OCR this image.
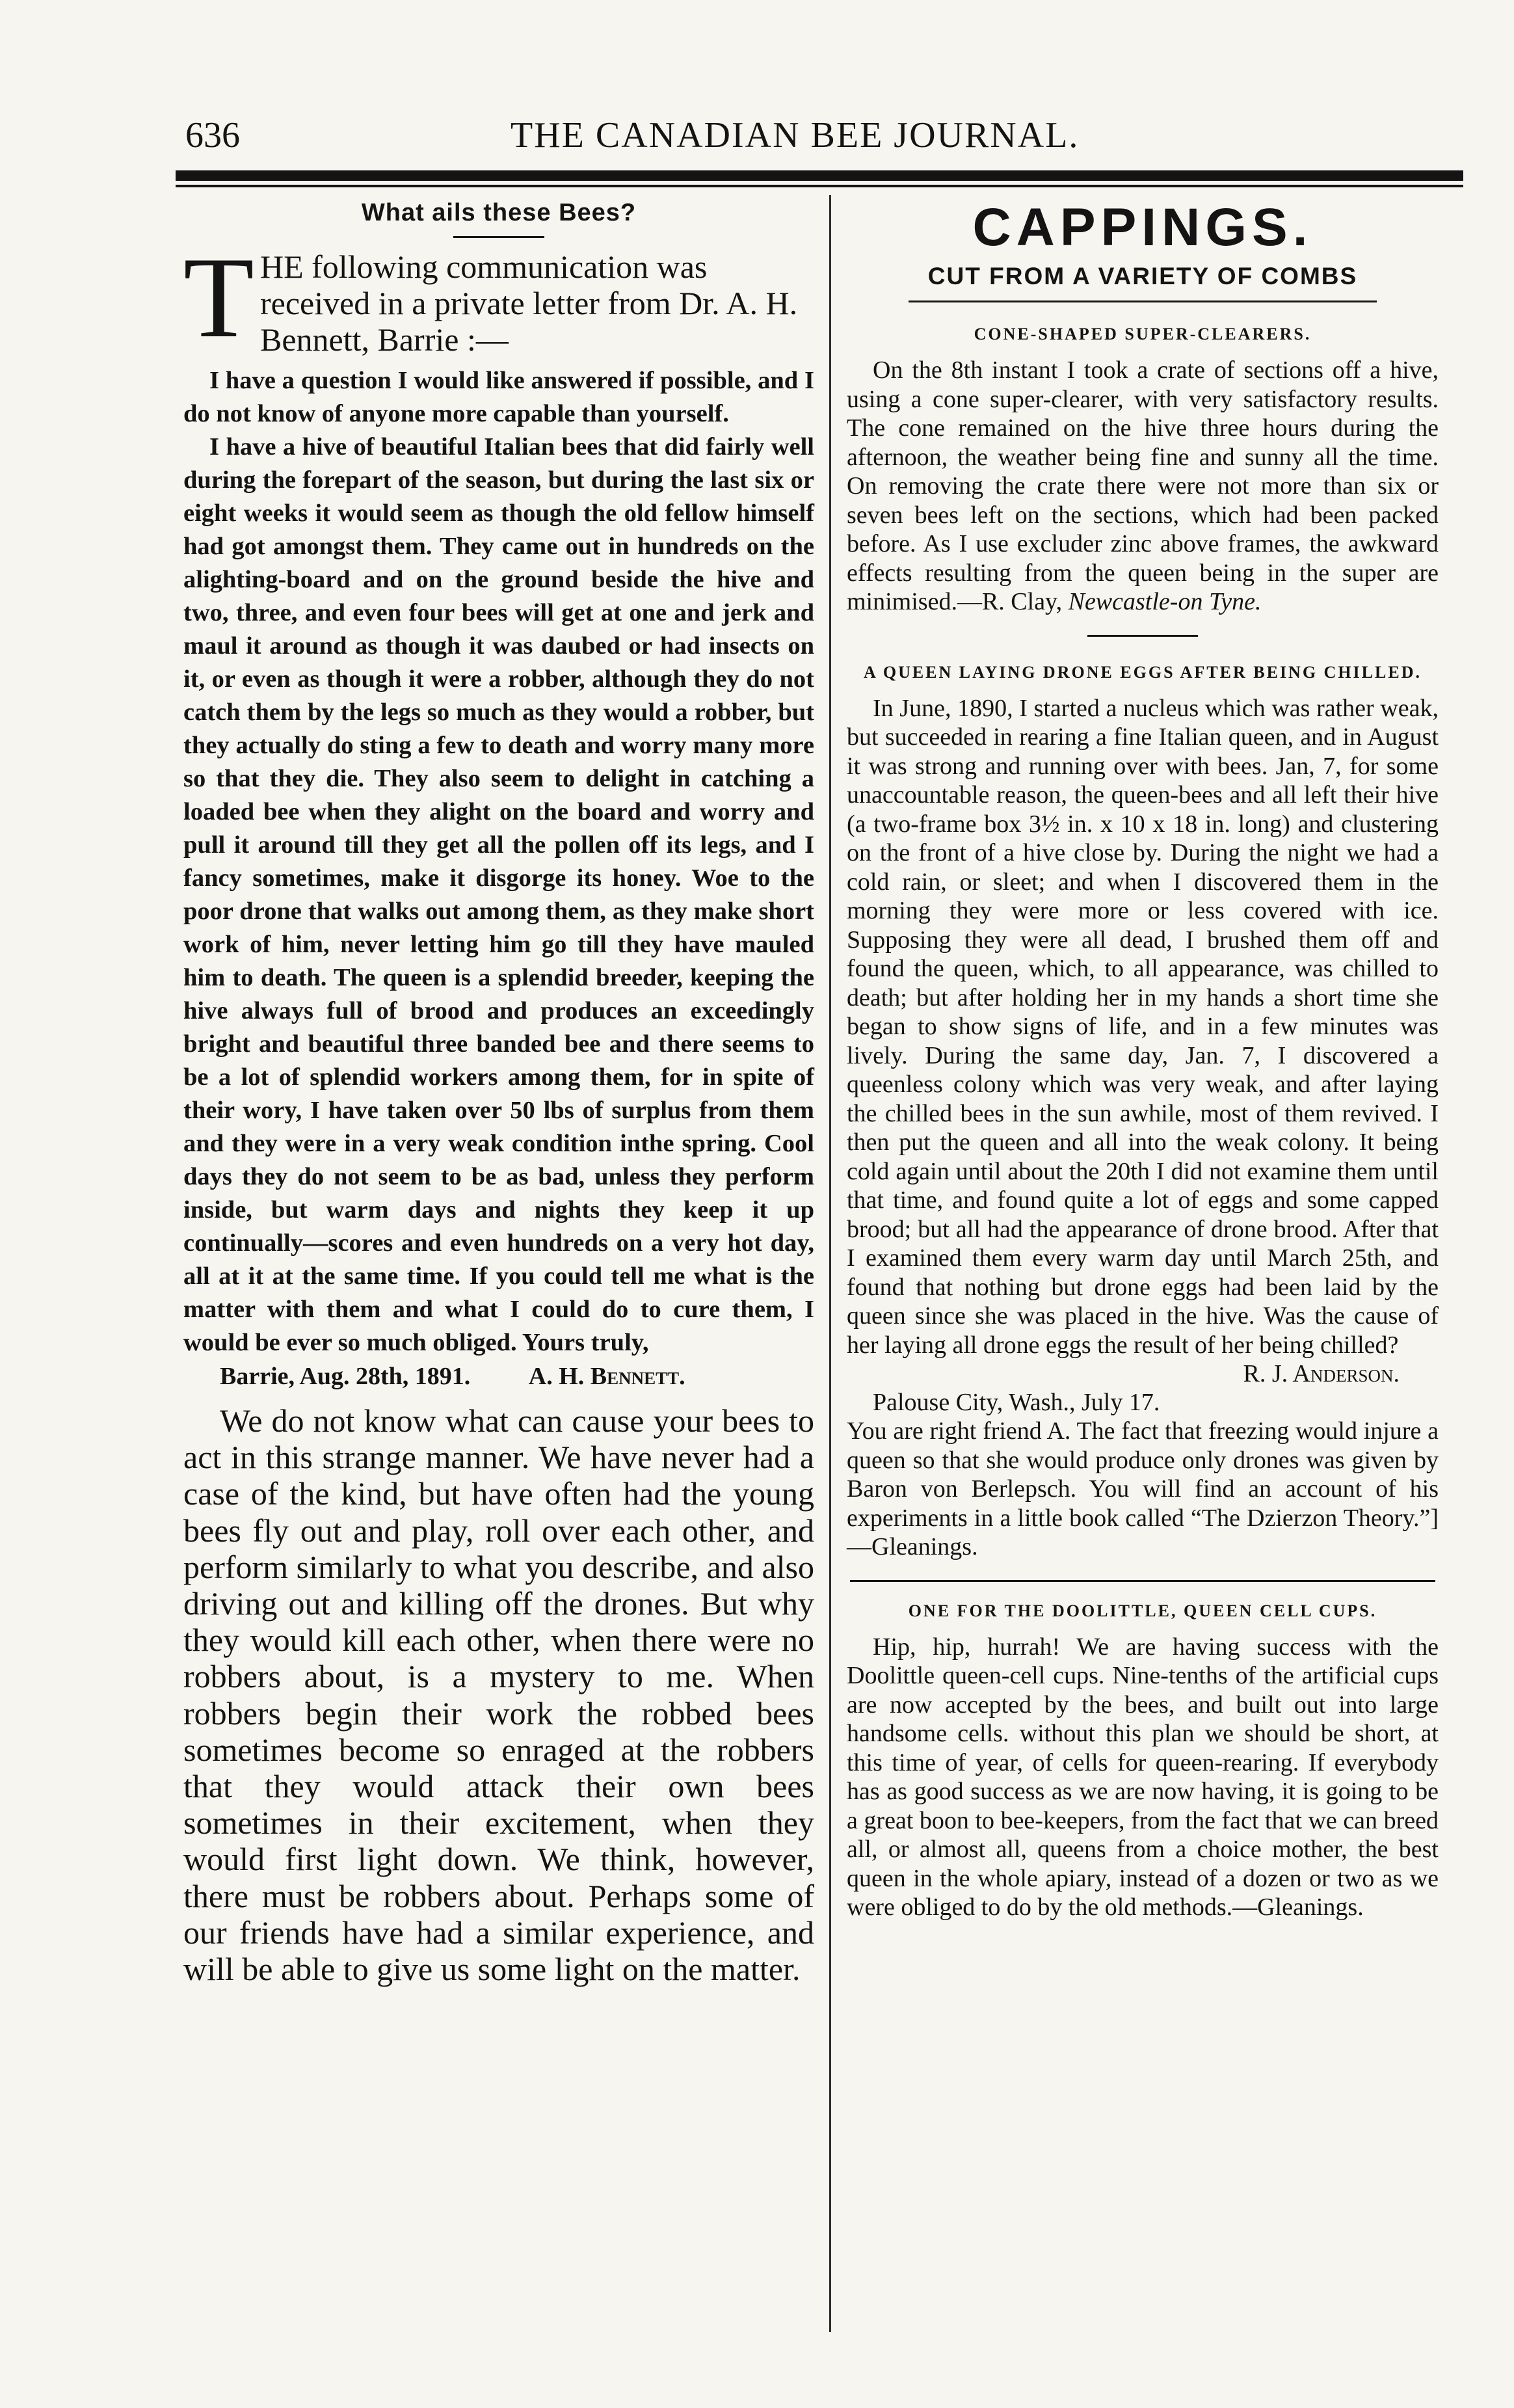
636	THE CANADIAN BEE JOURNAL.
What ails these Bees?
T HE following communication was received in a private letter from Dr. A. H. Bennett, Barrie :—

I have a question I would like answered if possible, and I do not know of anyone more capable than yourself.

I have a hive of beautiful Italian bees that did fairly well during the forepart of the season, but during the last six or eight weeks it would seem as though the old fellow himself had got amongst them. They came out in hundreds on the alighting-board and on the ground beside the hive and two, three, and even four bees will get at one and jerk and maul it around as though it was daubed or had insects on it, or even as though it were a robber, although they do not catch them by the legs so much as they would a robber, but they actually do sting a few to death and worry many more so that they die. They also seem to delight in catching a loaded bee when they alight on the board and worry and pull it around till they get all the pollen off its legs, and I fancy sometimes, make it disgorge its honey. Woe to the poor drone that walks out among them, as they make short work of him, never letting him go till they have mauled him to death. The queen is a splendid breeder, keeping the hive always full of brood and produces an exceedingly bright and beautiful three banded bee and there seems to be a lot of splendid workers among them, for in spite of their wory, I have taken over 50 lbs of surplus from them and they were in a very weak condition inthe spring. Cool days they do not seem to be as bad, unless they perform inside, but warm days and nights they keep it up continually—scores and even hundreds on a very hot day, all at it at the same time. If you could tell me what is the matter with them and what I could do to cure them, I would be ever so much obliged. Yours truly,

Barrie, Aug. 28th, 1891. A. H. Bennett.
We do not know what can cause your bees to act in this strange manner. We have never had a case of the kind, but have often had the young bees fly out and play, roll over each other, and perform similarly to what you describe, and also driving out and killing off the drones. But why they would kill each other, when there were no robbers about, is a mystery to me. When robbers begin their work the robbed bees sometimes become so enraged at the robbers that they would attack their own bees sometimes in their excitement, when they would first light down. We think, however, there must be robbers about. Perhaps some of our friends have had a similar experience, and will be able to give us some light on the matter.
CAPPINGS.
CUT FROM A VARIETY OF COMBS
CONE-SHAPED SUPER-CLEARERS.
On the 8th instant I took a crate of sections off a hive, using a cone super-clearer, with very satisfactory results. The cone remained on the hive three hours during the afternoon, the weather being fine and sunny all the time. On removing the crate there were not more than six or seven bees left on the sections, which had been packed before. As I use excluder zinc above frames, the awkward effects resulting from the queen being in the super are minimised.—R. Clay, Newcastle-on Tyne.
A QUEEN LAYING DRONE EGGS AFTER BEING CHILLED.
In June, 1890, I started a nucleus which was rather weak, but succeeded in rearing a fine Italian queen, and in August it was strong and running over with bees. Jan, 7, for some unaccountable reason, the queen-bees and all left their hive (a two-frame box 3½ in. x 10 x 18 in. long) and clustering on the front of a hive close by. During the night we had a cold rain, or sleet; and when I discovered them in the morning they were more or less covered with ice. Supposing they were all dead, I brushed them off and found the queen, which, to all appearance, was chilled to death; but after holding her in my hands a short time she began to show signs of life, and in a few minutes was lively. During the same day, Jan. 7, I discovered a queenless colony which was very weak, and after laying the chilled bees in the sun awhile, most of them revived. I then put the queen and all into the weak colony. It being cold again until about the 20th I did not examine them until that time, and found quite a lot of eggs and some capped brood; but all had the appearance of drone brood. After that I examined them every warm day until March 25th, and found that nothing but drone eggs had been laid by the queen since she was placed in the hive. Was the cause of her laying all drone eggs the result of her being chilled?
R. J. Anderson.
Palouse City, Wash., July 17.
You are right friend A. The fact that freezing would injure a queen so that she would produce only drones was given by Baron von Berlepsch. You will find an account of his experiments in a little book called “The Dzierzon Theory.”]—Gleanings.
ONE FOR THE DOOLITTLE, QUEEN CELL CUPS.
Hip, hip, hurrah! We are having success with the Doolittle queen-cell cups. Nine-tenths of the artificial cups are now accepted by the bees, and built out into large handsome cells. without this plan we should be short, at this time of year, of cells for queen-rearing. If everybody has as good success as we are now having, it is going to be a great boon to bee-keepers, from the fact that we can breed all, or almost all, queens from a choice mother, the best queen in the whole apiary, instead of a dozen or two as we were obliged to do by the old methods.—Gleanings.
